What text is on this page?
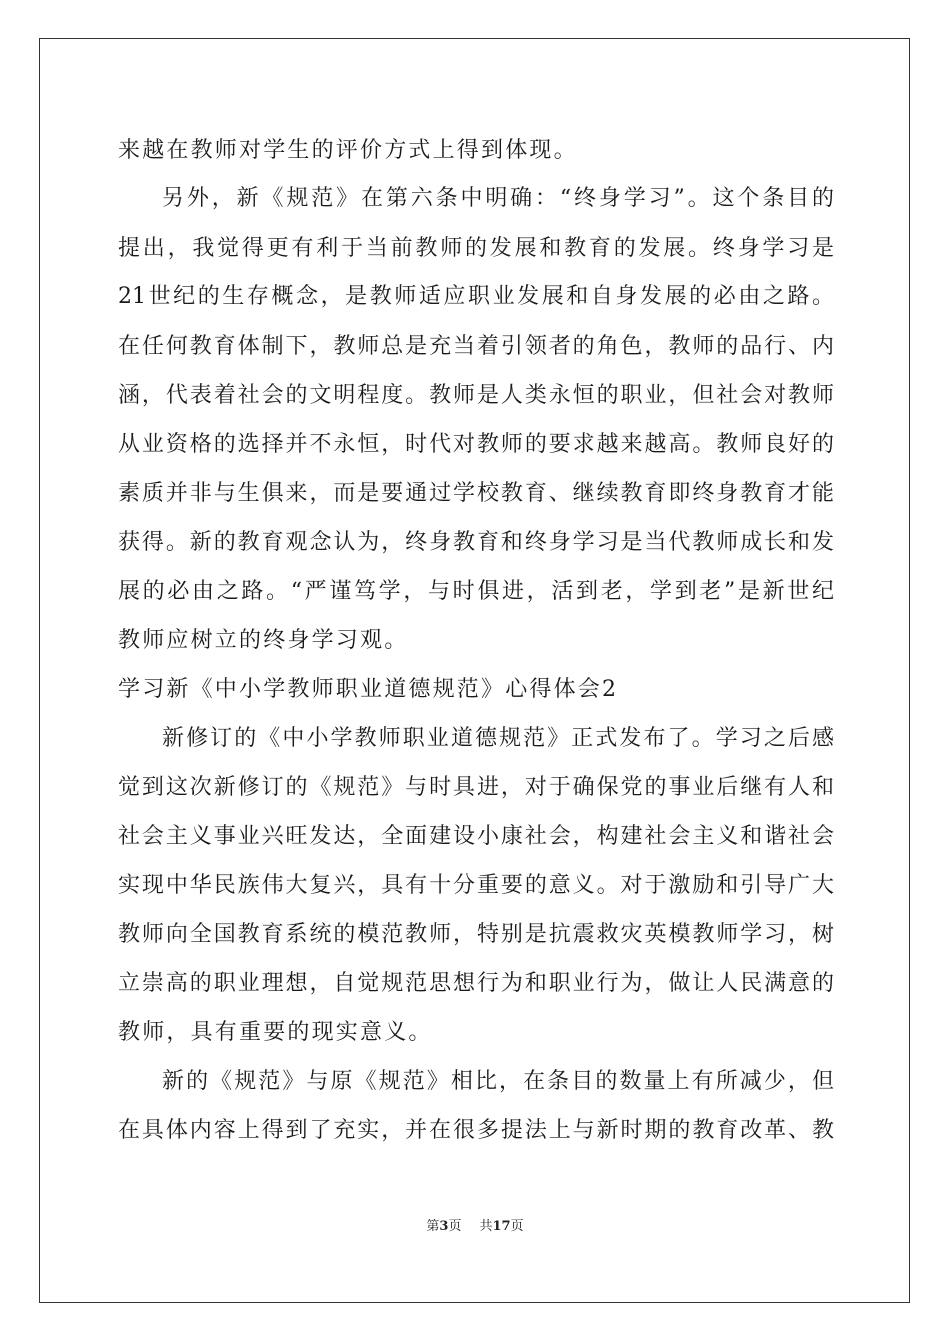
来越在教师对学生的评价方式上得到体现。
另外，新《规范》在第六条中明确：“终身学习”。这个条目的
提出，我觉得更有利于当前教师的发展和教育的发展。终身学习是
21世纪的生存概念，是教师适应职业发展和自身发展的必由之路。
在任何教育体制下，教师总是充当着引领者的角色，教师的品行、内
涵，代表着社会的文明程度。教师是人类永恒的职业，但社会对教师
从业资格的选择并不永恒，时代对教师的要求越来越高。教师良好的
素质并非与生俱来，而是要通过学校教育、继续教育即终身教育才能
获得。新的教育观念认为，终身教育和终身学习是当代教师成长和发
展的必由之路。“严谨笃学，与时俱进，活到老，学到老”是新世纪
教师应树立的终身学习观。
学习新《中小学教师职业道德规范》心得体会2
新修订的《中小学教师职业道德规范》正式发布了。学习之后感
觉到这次新修订的《规范》与时具进，对于确保党的事业后继有人和
社会主义事业兴旺发达，全面建设小康社会，构建社会主义和谐社会
实现中华民族伟大复兴，具有十分重要的意义。对于激励和引导广大
教师向全国教育系统的模范教师，特别是抗震救灾英模教师学习，树
立崇高的职业理想，自觉规范思想行为和职业行为，做让人民满意的
教师，具有重要的现实意义。
新的《规范》与原《规范》相比，在条目的数量上有所减少，但
在具体内容上得到了充实，并在很多提法上与新时期的教育改革、教
第3页 共17页
